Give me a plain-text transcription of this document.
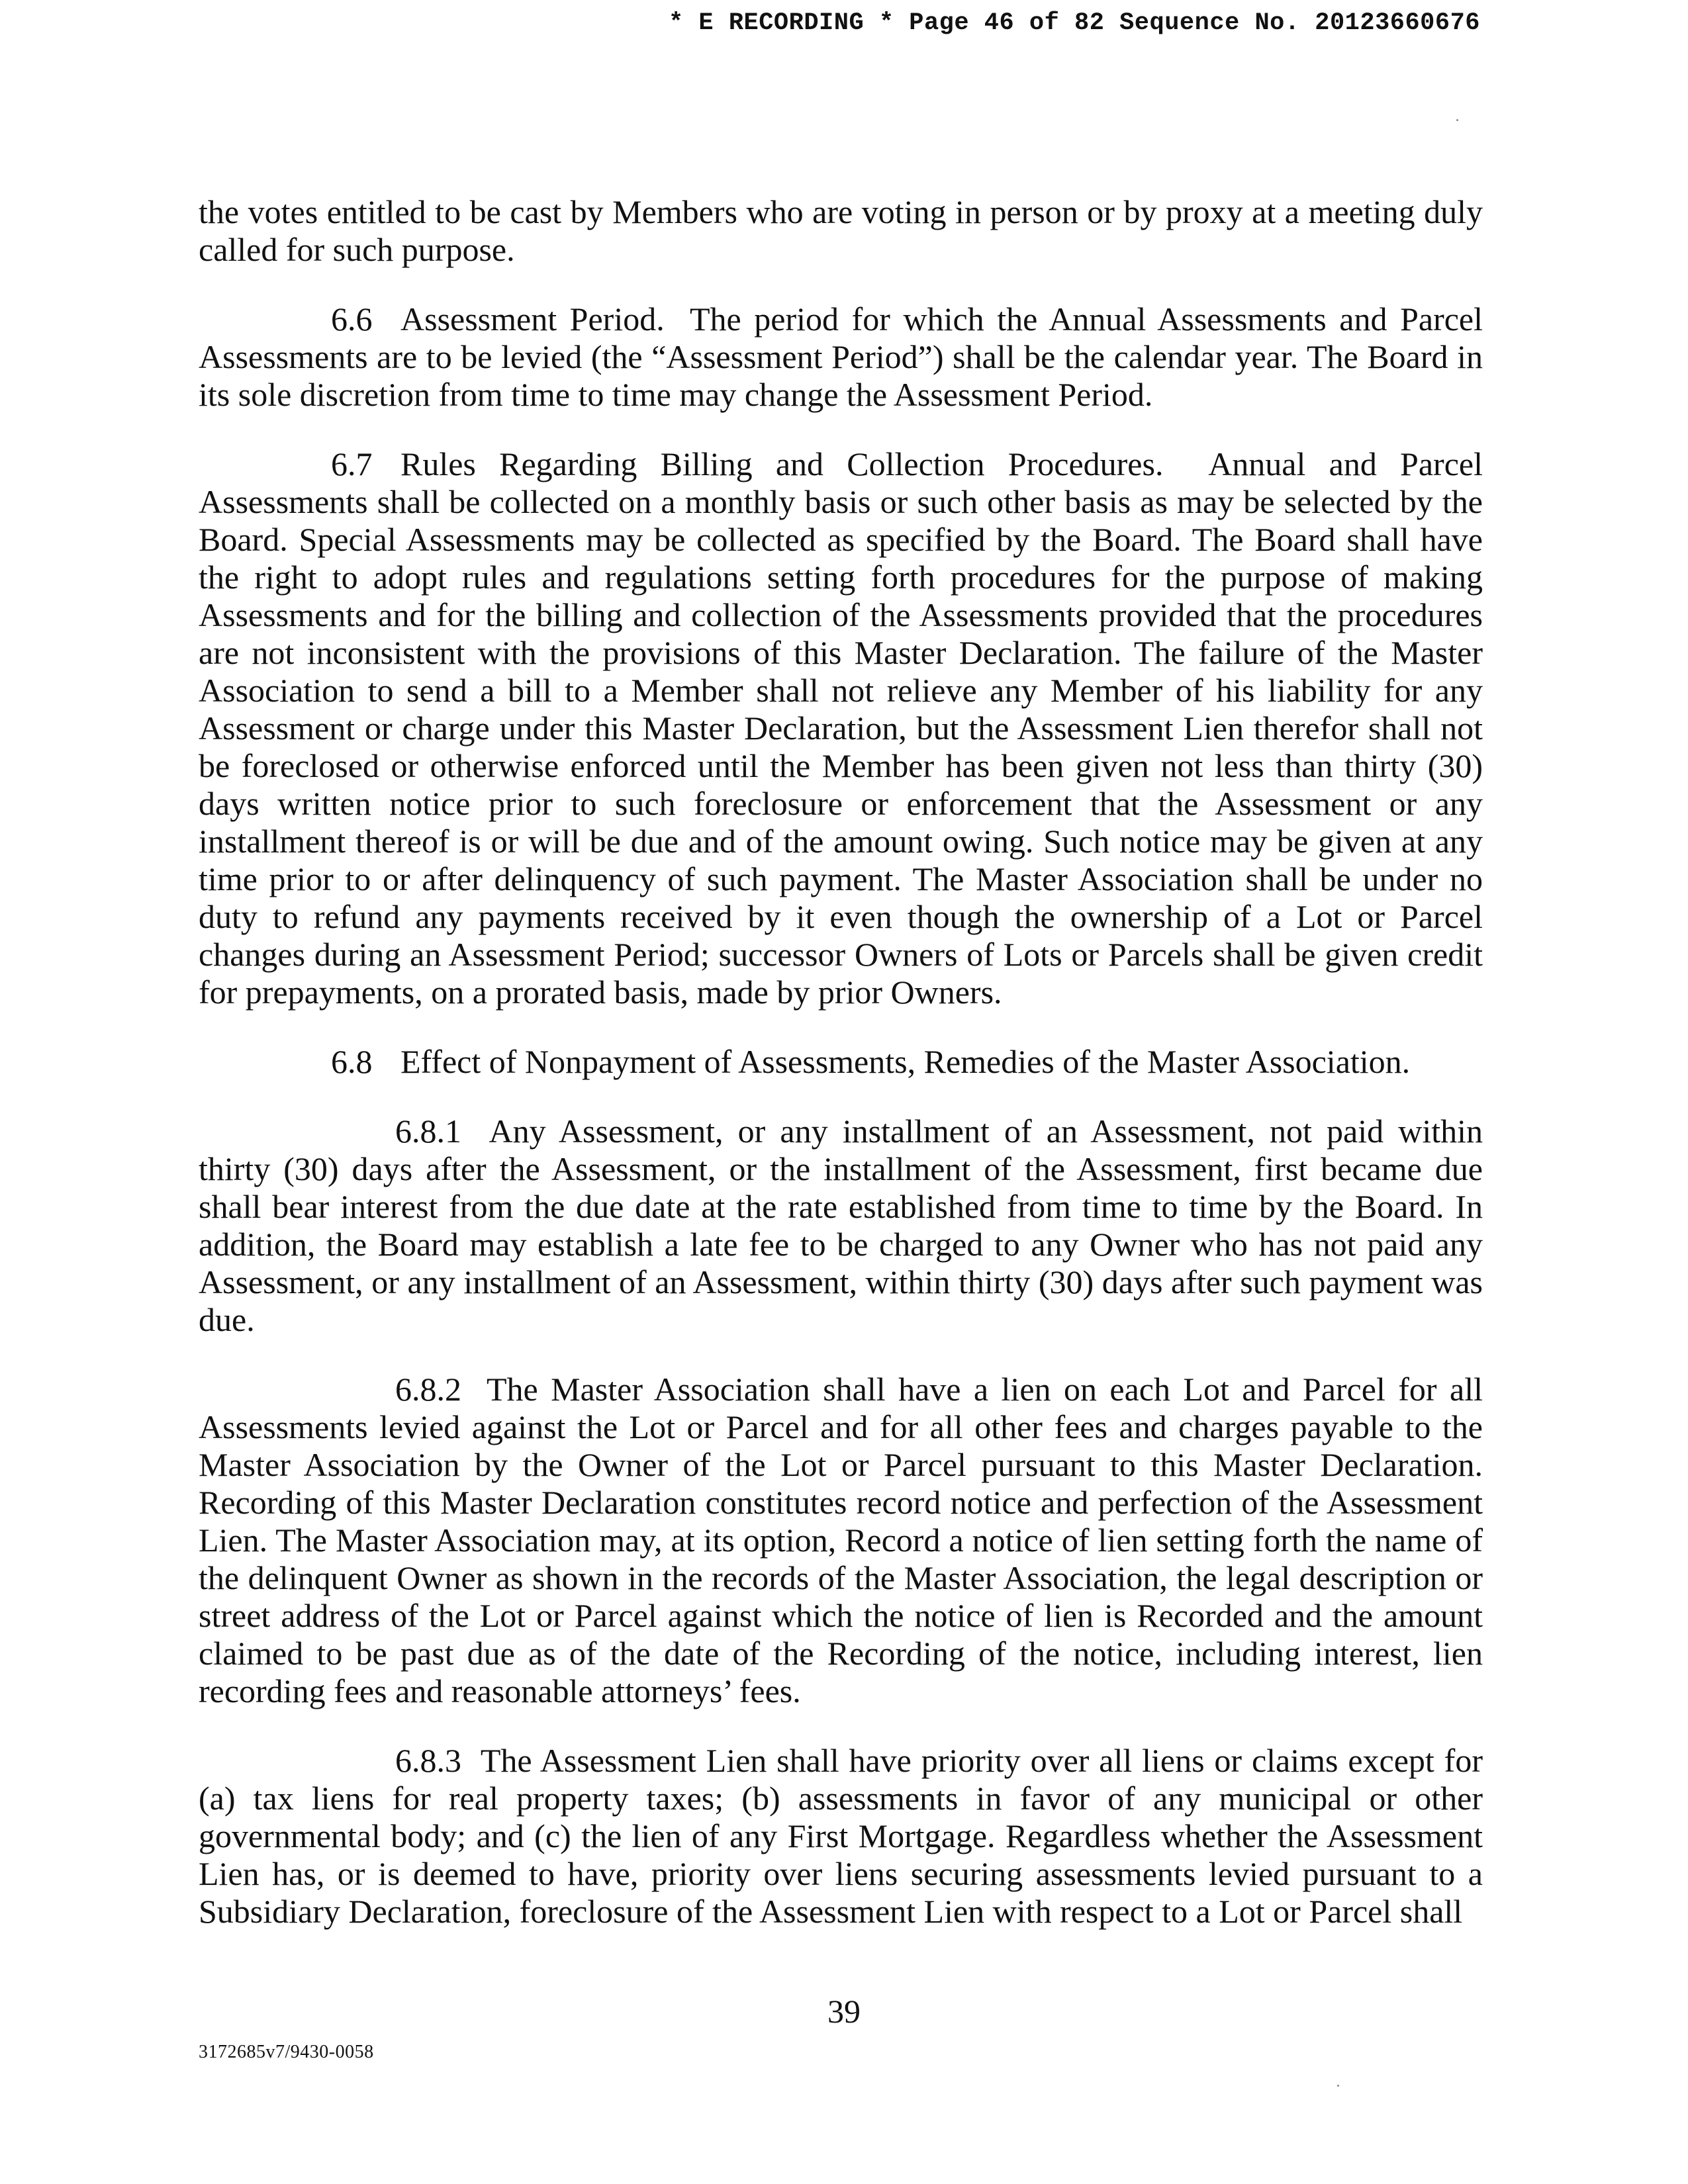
* E RECORDING * Page 46 of 82 Sequence No. 20123660676

the votes entitled to be cast by Members who are voting in person or by proxy at a meeting duly called for such purpose.

6.6 Assessment Period. The period for which the Annual Assessments and Parcel Assessments are to be levied (the “Assessment Period”) shall be the calendar year. The Board in its sole discretion from time to time may change the Assessment Period.

6.7 Rules Regarding Billing and Collection Procedures. Annual and Parcel Assessments shall be collected on a monthly basis or such other basis as may be selected by the Board. Special Assessments may be collected as specified by the Board. The Board shall have the right to adopt rules and regulations setting forth procedures for the purpose of making Assessments and for the billing and collection of the Assessments provided that the procedures are not inconsistent with the provisions of this Master Declaration. The failure of the Master Association to send a bill to a Member shall not relieve any Member of his liability for any Assessment or charge under this Master Declaration, but the Assessment Lien therefor shall not be foreclosed or otherwise enforced until the Member has been given not less than thirty (30) days written notice prior to such foreclosure or enforcement that the Assessment or any installment thereof is or will be due and of the amount owing. Such notice may be given at any time prior to or after delinquency of such payment. The Master Association shall be under no duty to refund any payments received by it even though the ownership of a Lot or Parcel changes during an Assessment Period; successor Owners of Lots or Parcels shall be given credit for prepayments, on a prorated basis, made by prior Owners.

6.8 Effect of Nonpayment of Assessments, Remedies of the Master Association.

6.8.1 Any Assessment, or any installment of an Assessment, not paid within thirty (30) days after the Assessment, or the installment of the Assessment, first became due shall bear interest from the due date at the rate established from time to time by the Board. In addition, the Board may establish a late fee to be charged to any Owner who has not paid any Assessment, or any installment of an Assessment, within thirty (30) days after such payment was due.

6.8.2 The Master Association shall have a lien on each Lot and Parcel for all Assessments levied against the Lot or Parcel and for all other fees and charges payable to the Master Association by the Owner of the Lot or Parcel pursuant to this Master Declaration. Recording of this Master Declaration constitutes record notice and perfection of the Assessment Lien. The Master Association may, at its option, Record a notice of lien setting forth the name of the delinquent Owner as shown in the records of the Master Association, the legal description or street address of the Lot or Parcel against which the notice of lien is Recorded and the amount claimed to be past due as of the date of the Recording of the notice, including interest, lien recording fees and reasonable attorneys’ fees.

6.8.3 The Assessment Lien shall have priority over all liens or claims except for (a) tax liens for real property taxes; (b) assessments in favor of any municipal or other governmental body; and (c) the lien of any First Mortgage. Regardless whether the Assessment Lien has, or is deemed to have, priority over liens securing assessments levied pursuant to a Subsidiary Declaration, foreclosure of the Assessment Lien with respect to a Lot or Parcel shall

39
3172685v7/9430-0058
